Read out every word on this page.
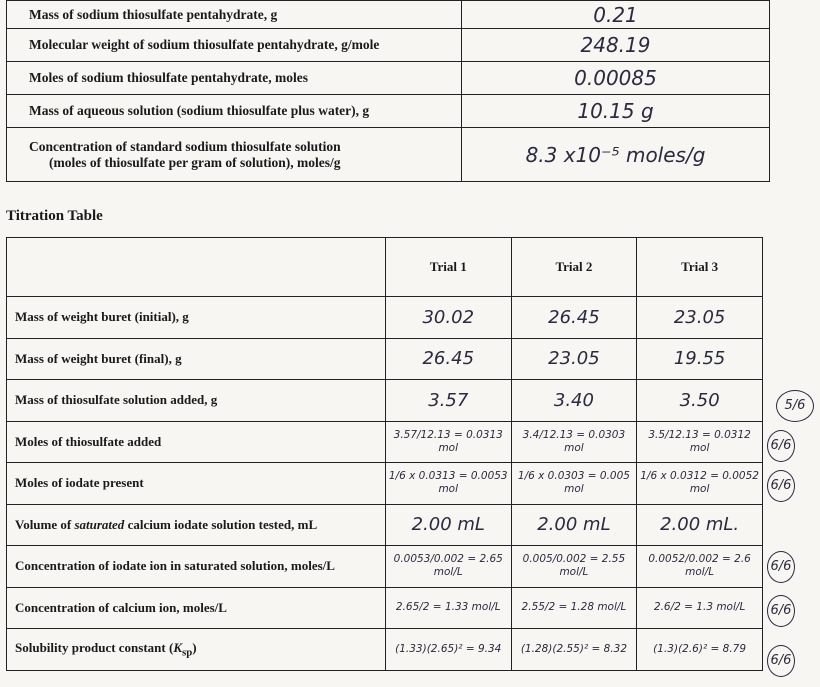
Mass of sodium thiosulfate pentahydrate, g	0.21
Molecular weight of sodium thiosulfate pentahydrate, g/mole	248.19
Moles of sodium thiosulfate pentahydrate, moles	0.00085
Mass of aqueous solution (sodium thiosulfate plus water), g	10.15 g
Concentration of standard sodium thiosulfate solution
(moles of thiosulfate per gram of solution), moles/g	8.3 x10⁻⁵ moles/g
Titration Table
	Trial 1	Trial 2	Trial 3
Mass of weight buret (initial), g	30.02	26.45	23.05
Mass of weight buret (final), g	26.45	23.05	19.55
Mass of thiosulfate solution added, g	3.57	3.40	3.50
Moles of thiosulfate added	3.57/12.13 = 0.0313 mol	3.4/12.13 = 0.0303 mol	3.5/12.13 = 0.0312 mol
Moles of iodate present	1/6 x 0.0313 = 0.0053 mol	1/6 x 0.0303 = 0.005 mol	1/6 x 0.0312 = 0.0052 mol
Volume of saturated calcium iodate solution tested, mL	2.00 mL	2.00 mL	2.00 mL.
Concentration of iodate ion in saturated solution, moles/L	0.0053/0.002 = 2.65 mol/L	0.005/0.002 = 2.55 mol/L	0.0052/0.002 = 2.6 mol/L
Concentration of calcium ion, moles/L	2.65/2 = 1.33 mol/L	2.55/2 = 1.28 mol/L	2.6/2 = 1.3 mol/L
Solubility product constant $(K_{sp})$	(1.33)(2.65)² = 9.34	(1.28)(2.55)² = 8.32	(1.3)(2.6)² = 8.79
5/6
6/6
6/6
6/6
6/6
6/6
